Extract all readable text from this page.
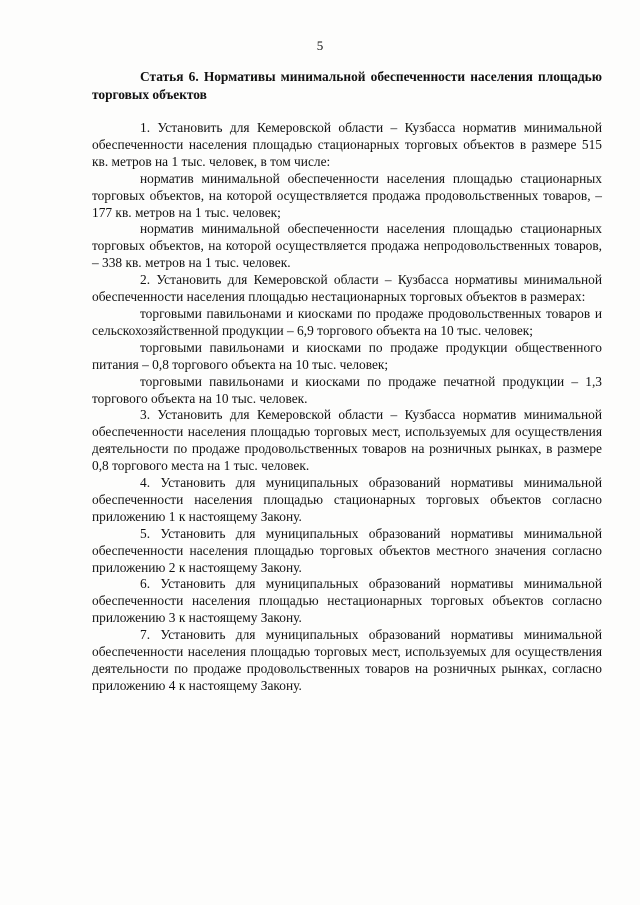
5
Статья 6. Нормативы минимальной обеспеченности населения площадью торговых объектов

1. Установить для Кемеровской области – Кузбасса норматив минимальной обеспеченности населения площадью стационарных торговых объектов в размере 515 кв. метров на 1 тыс. человек, в том числе:

норматив минимальной обеспеченности населения площадью стационарных торговых объектов, на которой осуществляется продажа продовольственных товаров, – 177 кв. метров на 1 тыс. человек;

норматив минимальной обеспеченности населения площадью стационарных торговых объектов, на которой осуществляется продажа непродовольственных товаров, – 338 кв. метров на 1 тыс. человек.

2. Установить для Кемеровской области – Кузбасса нормативы минимальной обеспеченности населения площадью нестационарных торговых объектов в размерах:

торговыми павильонами и киосками по продаже продовольственных товаров и сельскохозяйственной продукции – 6,9 торгового объекта на 10 тыс. человек;

торговыми павильонами и киосками по продаже продукции общественного питания – 0,8 торгового объекта на 10 тыс. человек;

торговыми павильонами и киосками по продаже печатной продукции – 1,3 торгового объекта на 10 тыс. человек.

3. Установить для Кемеровской области – Кузбасса норматив минимальной обеспеченности населения площадью торговых мест, используемых для осуществления деятельности по продаже продовольственных товаров на розничных рынках, в размере 0,8 торгового места на 1 тыс. человек.

4. Установить для муниципальных образований нормативы минимальной обеспеченности населения площадью стационарных торговых объектов согласно приложению 1 к настоящему Закону.

5. Установить для муниципальных образований нормативы минимальной обеспеченности населения площадью торговых объектов местного значения согласно приложению 2 к настоящему Закону.

6. Установить для муниципальных образований нормативы минимальной обеспеченности населения площадью нестационарных торговых объектов согласно приложению 3 к настоящему Закону.

7. Установить для муниципальных образований нормативы минимальной обеспеченности населения площадью торговых мест, используемых для осуществления деятельности по продаже продовольственных товаров на розничных рынках, согласно приложению 4 к настоящему Закону.
